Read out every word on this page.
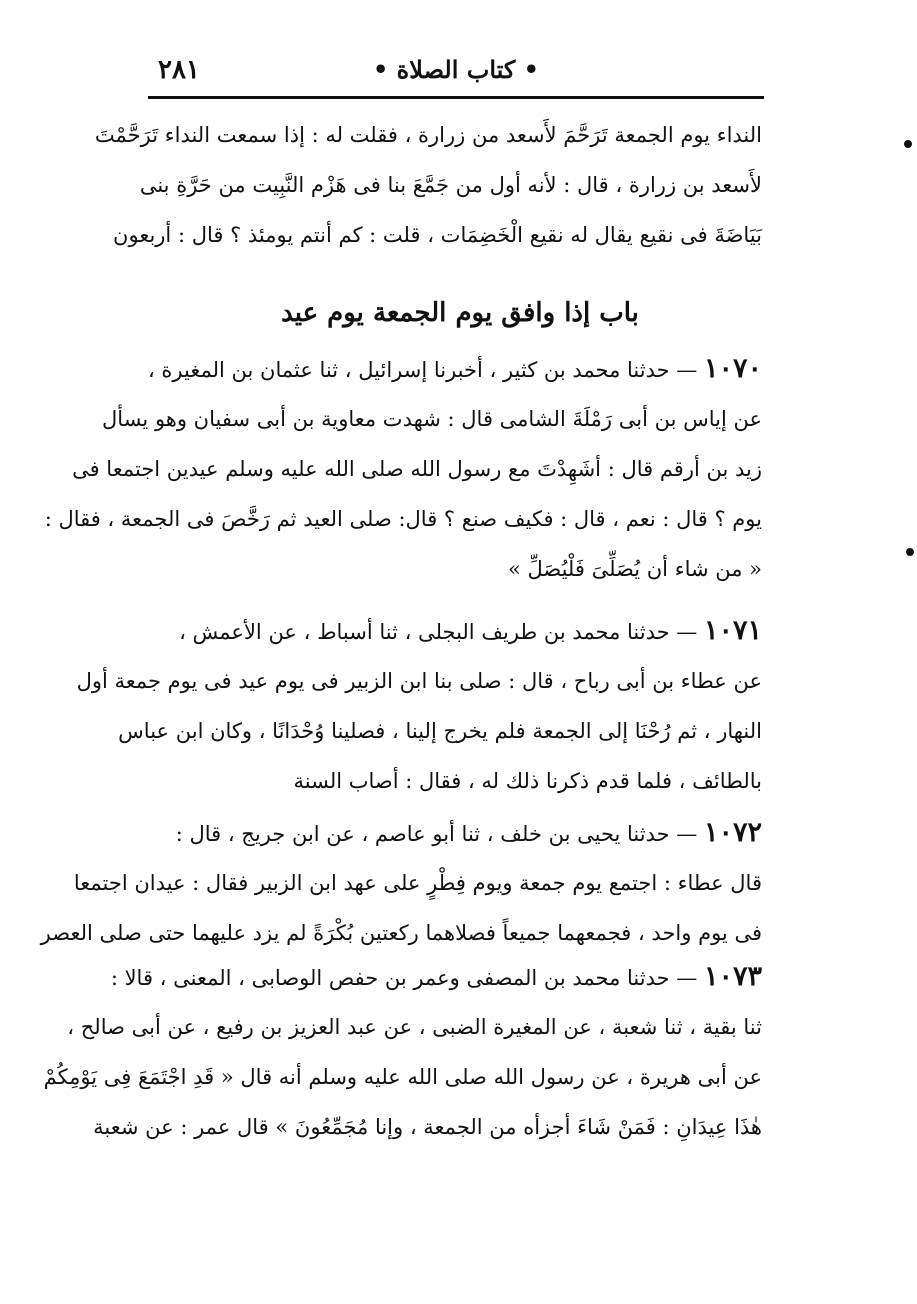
• كتاب الصلاة •
٢٨١
النداء يوم الجمعة تَرَحَّمَ لأَسعد من زرارة ، فقلت له : إذا سمعت النداء تَرَحَّمْتَ
لأَسعد بن زرارة ، قال : لأنه أول من جَمَّعَ بنا فى هَزْم النَّبِيت من حَرَّةِ بنى
بَيَاضَةَ فى نقيع يقال له نقيع الْخَضِمَات ، قلت : كم أنتم يومئذ ؟ قال : أربعون
باب إذا وافق يوم الجمعة يوم عيد
١٠٧٠ — حدثنا محمد بن كثير ، أخبرنا إسرائيل ، ثنا عثمان بن المغيرة ،
عن إياس بن أبى رَمْلَةَ الشامى قال : شهدت معاوية بن أبى سفيان وهو يسأل
زيد بن أرقم قال : أشَهِدْتَ مع رسول الله صلى الله عليه وسلم عيدين اجتمعا فى
يوم ؟ قال : نعم ، قال : فكيف صنع ؟ قال: صلى العيد ثم رَخَّصَ فى الجمعة ، فقال :
« من شاء أن يُصَلِّىَ فَلْيُصَلِّ »
١٠٧١ — حدثنا محمد بن طريف البجلى ، ثنا أسباط ، عن الأعمش ،
عن عطاء بن أبى رباح ، قال : صلى بنا ابن الزبير فى يوم عيد فى يوم جمعة أول
النهار ، ثم رُحْنَا إلى الجمعة فلم يخرج إلينا ، فصلينا وُحْدَانًا ، وكان ابن عباس
بالطائف ، فلما قدم ذكرنا ذلك له ، فقال : أصاب السنة
١٠٧٢ — حدثنا يحيى بن خلف ، ثنا أبو عاصم ، عن ابن جريج ، قال :
قال عطاء : اجتمع يوم جمعة ويوم فِطْرٍ على عهد ابن الزبير فقال : عيدان اجتمعا
فى يوم واحد ، فجمعهما جميعاً فصلاهما ركعتين بُكْرَةً لم يزد عليهما حتى صلى العصر
١٠٧٣ — حدثنا محمد بن المصفى وعمر بن حفص الوصابى ، المعنى ، قالا :
ثنا بقية ، ثنا شعبة ، عن المغيرة الضبى ، عن عبد العزيز بن رفيع ، عن أبى صالح ،
عن أبى هريرة ، عن رسول الله صلى الله عليه وسلم أنه قال « قَدِ اجْتَمَعَ فِى يَوْمِكُمْ
هٰذَا عِيدَانِ : فَمَنْ شَاءَ أجزأه من الجمعة ، وإنا مُجَمِّعُونَ » قال عمر : عن شعبة
